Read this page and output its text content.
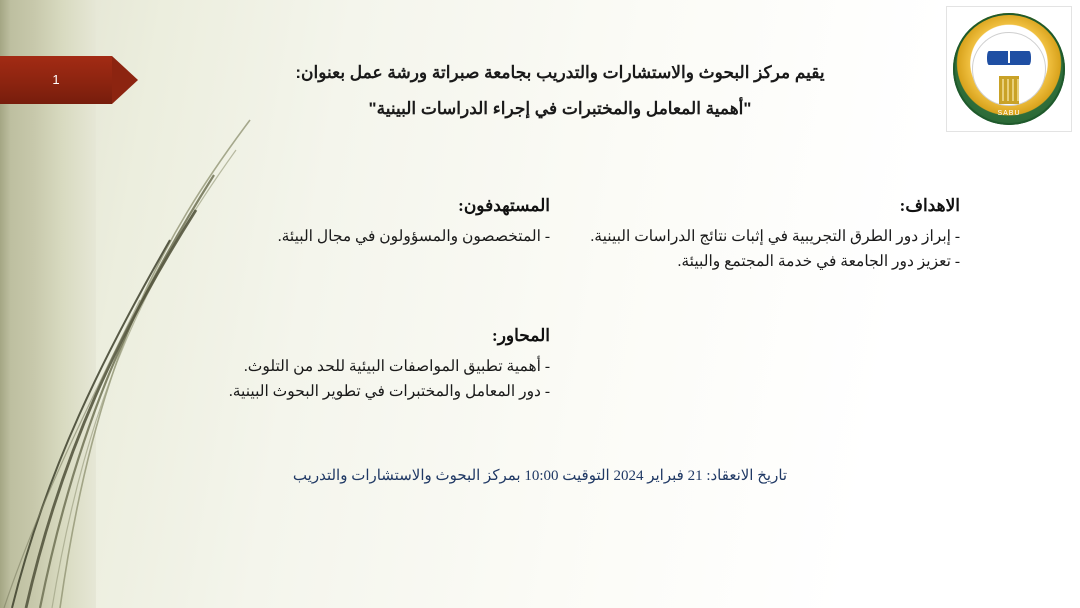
1
SABU
يقيم مركز البحوث والاستشارات والتدريب بجامعة صبراتة ورشة عمل بعنوان:
"أهمية المعامل والمختبرات في إجراء الدراسات البينية"
الاهداف:
- إبراز دور الطرق التجريبية في إثبات نتائج الدراسات البينية.
- تعزيز دور الجامعة في خدمة المجتمع والبيئة.
المستهدفون:
- المتخصصون والمسؤولون في مجال البيئة.
المحاور:
- أهمية تطبيق المواصفات البيئية للحد من التلوث.
- دور المعامل والمختبرات في تطوير البحوث البينية.
تاريخ الانعقاد: 21 فبراير 2024 التوقيت 10:00 بمركز البحوث والاستشارات والتدريب
